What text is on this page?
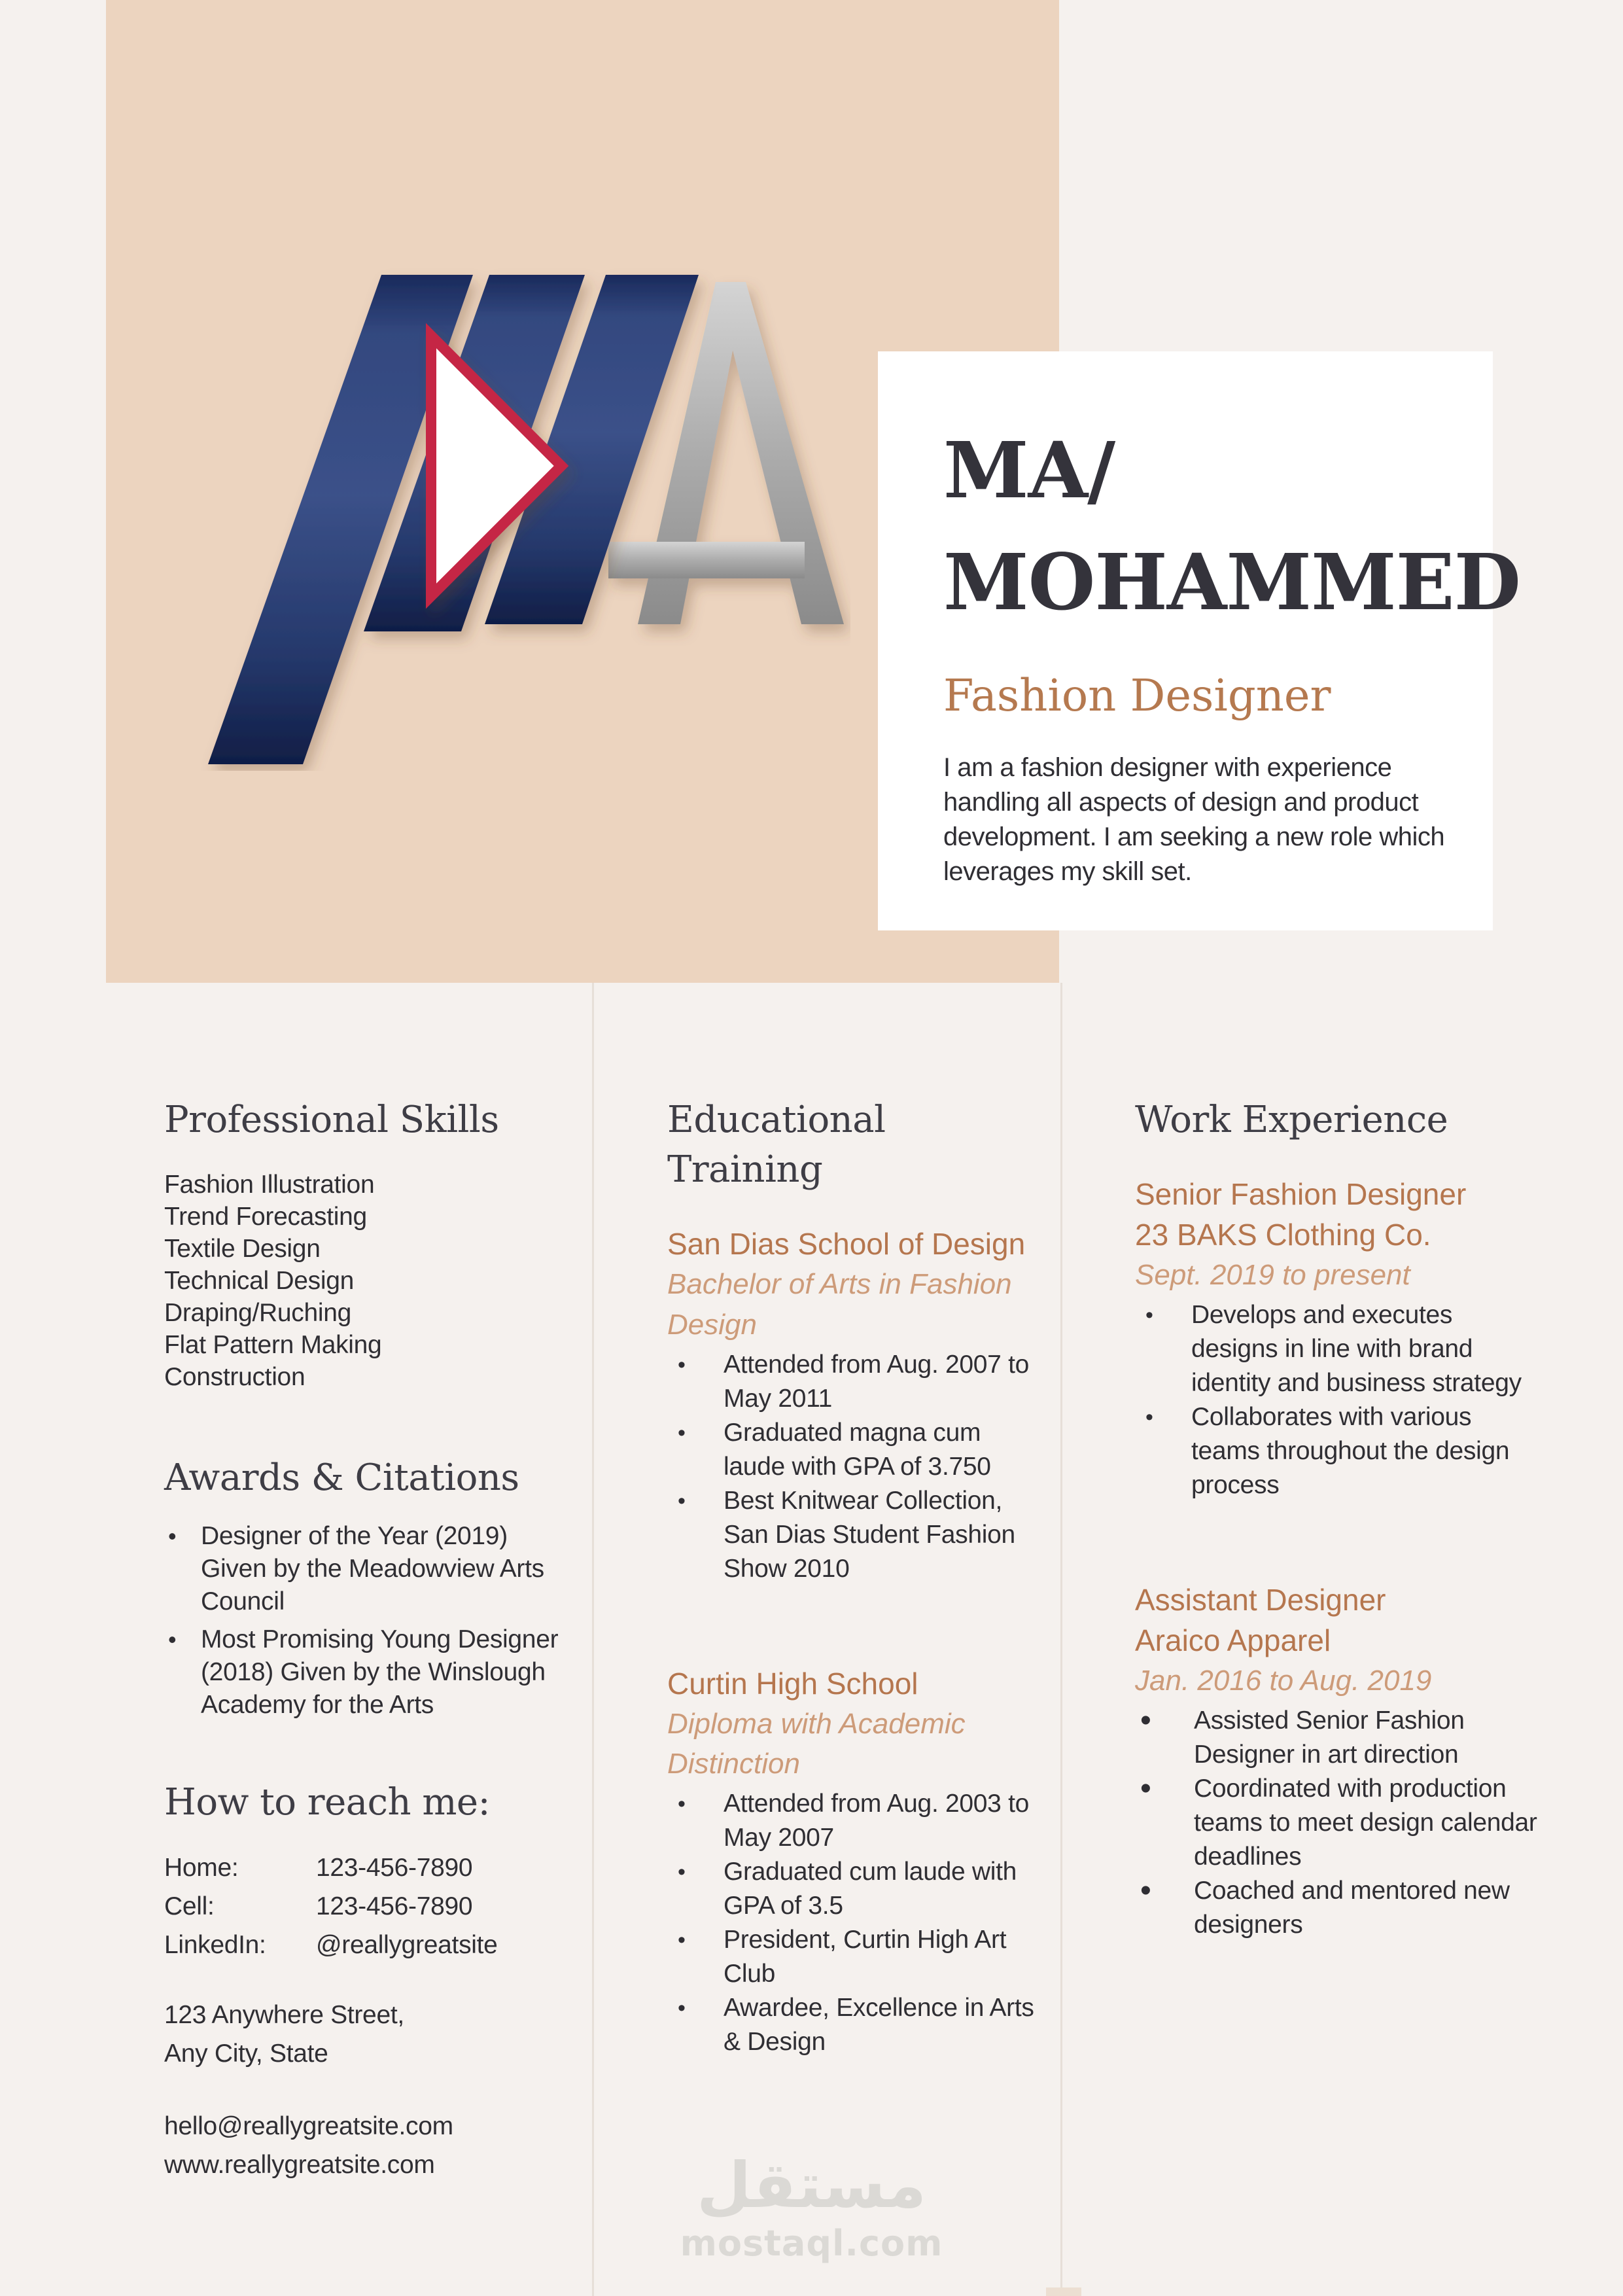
MA/
MOHAMMED

Fashion Designer

I am a fashion designer with experience handling all aspects of design and product development. I am seeking a new role which leverages my skill set.

Professional Skills
Fashion Illustration
Trend Forecasting
Textile Design
Technical Design
Draping/Ruching
Flat Pattern Making
Construction
Awards & Citations
• Designer of the Year (2019) Given by the Meadowview Arts Council
• Most Promising Young Designer (2018) Given by the Winslough Academy for the Arts
How to reach me:
Home:	123-456-7890
Cell:	123-456-7890
LinkedIn:	@reallygreatsite
123 Anywhere Street,
Any City, State
hello@reallygreatsite.com
www.reallygreatsite.com
Educational Training

San Dias School of Design

Bachelor of Arts in Fashion Design

• Attended from Aug. 2007 to May 2011
• Graduated magna cum laude with GPA of 3.750
• Best Knitwear Collection, San Dias Student Fashion Show 2010

Curtin High School

Diploma with Academic Distinction

• Attended from Aug. 2003 to May 2007
• Graduated cum laude with GPA of 3.5
• President, Curtin High Art Club
• Awardee, Excellence in Arts & Design
Work Experience

Senior Fashion Designer

23 BAKS Clothing Co.

Sept. 2019 to present

• Develops and executes designs in line with brand identity and business strategy
• Collaborates with various teams throughout the design process

Assistant Designer

Araico Apparel

Jan. 2016 to Aug. 2019

• Assisted Senior Fashion Designer in art direction
• Coordinated with production teams to meet design calendar deadlines
• Coached and mentored new designers
مستقل
mostaql.com
